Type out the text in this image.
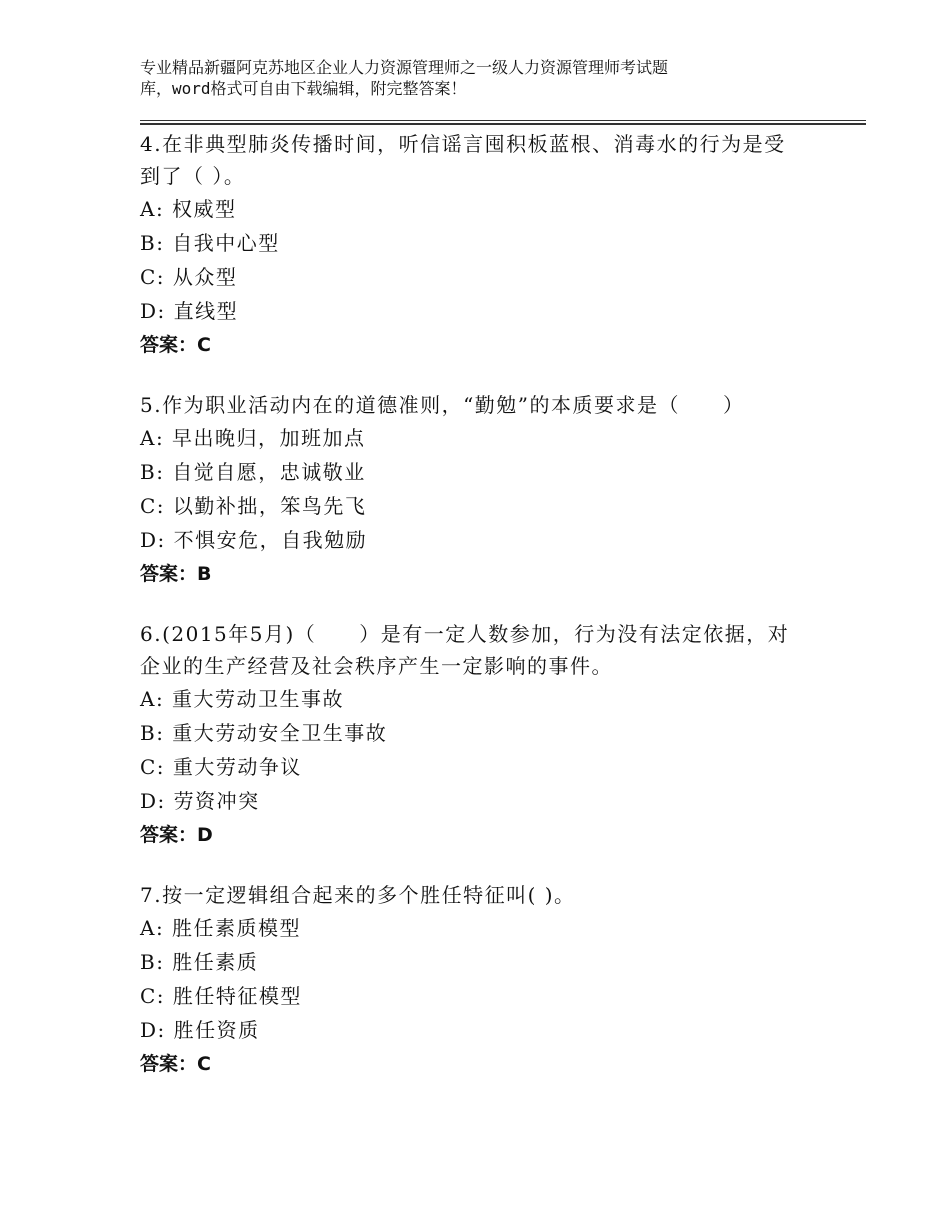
专业精品新疆阿克苏地区企业人力资源管理师之一级人力资源管理师考试题
库，word格式可自由下载编辑，附完整答案！
4.在非典型肺炎传播时间，听信谣言囤积板蓝根、消毒水的行为是受
到了（ ）。
A: 权威型
B: 自我中心型
C: 从众型
D: 直线型
答案：C
5.作为职业活动内在的道德准则，“勤勉”的本质要求是（　　）
A: 早出晚归，加班加点
B: 自觉自愿，忠诚敬业
C: 以勤补拙，笨鸟先飞
D: 不惧安危，自我勉励
答案：B
6.(2015年5月)（　　）是有一定人数参加，行为没有法定依据，对
企业的生产经营及社会秩序产生一定影响的事件。
A: 重大劳动卫生事故
B: 重大劳动安全卫生事故
C: 重大劳动争议
D: 劳资冲突
答案：D
7.按一定逻辑组合起来的多个胜任特征叫( )。
A: 胜任素质模型
B: 胜任素质
C: 胜任特征模型
D: 胜任资质
答案：C
